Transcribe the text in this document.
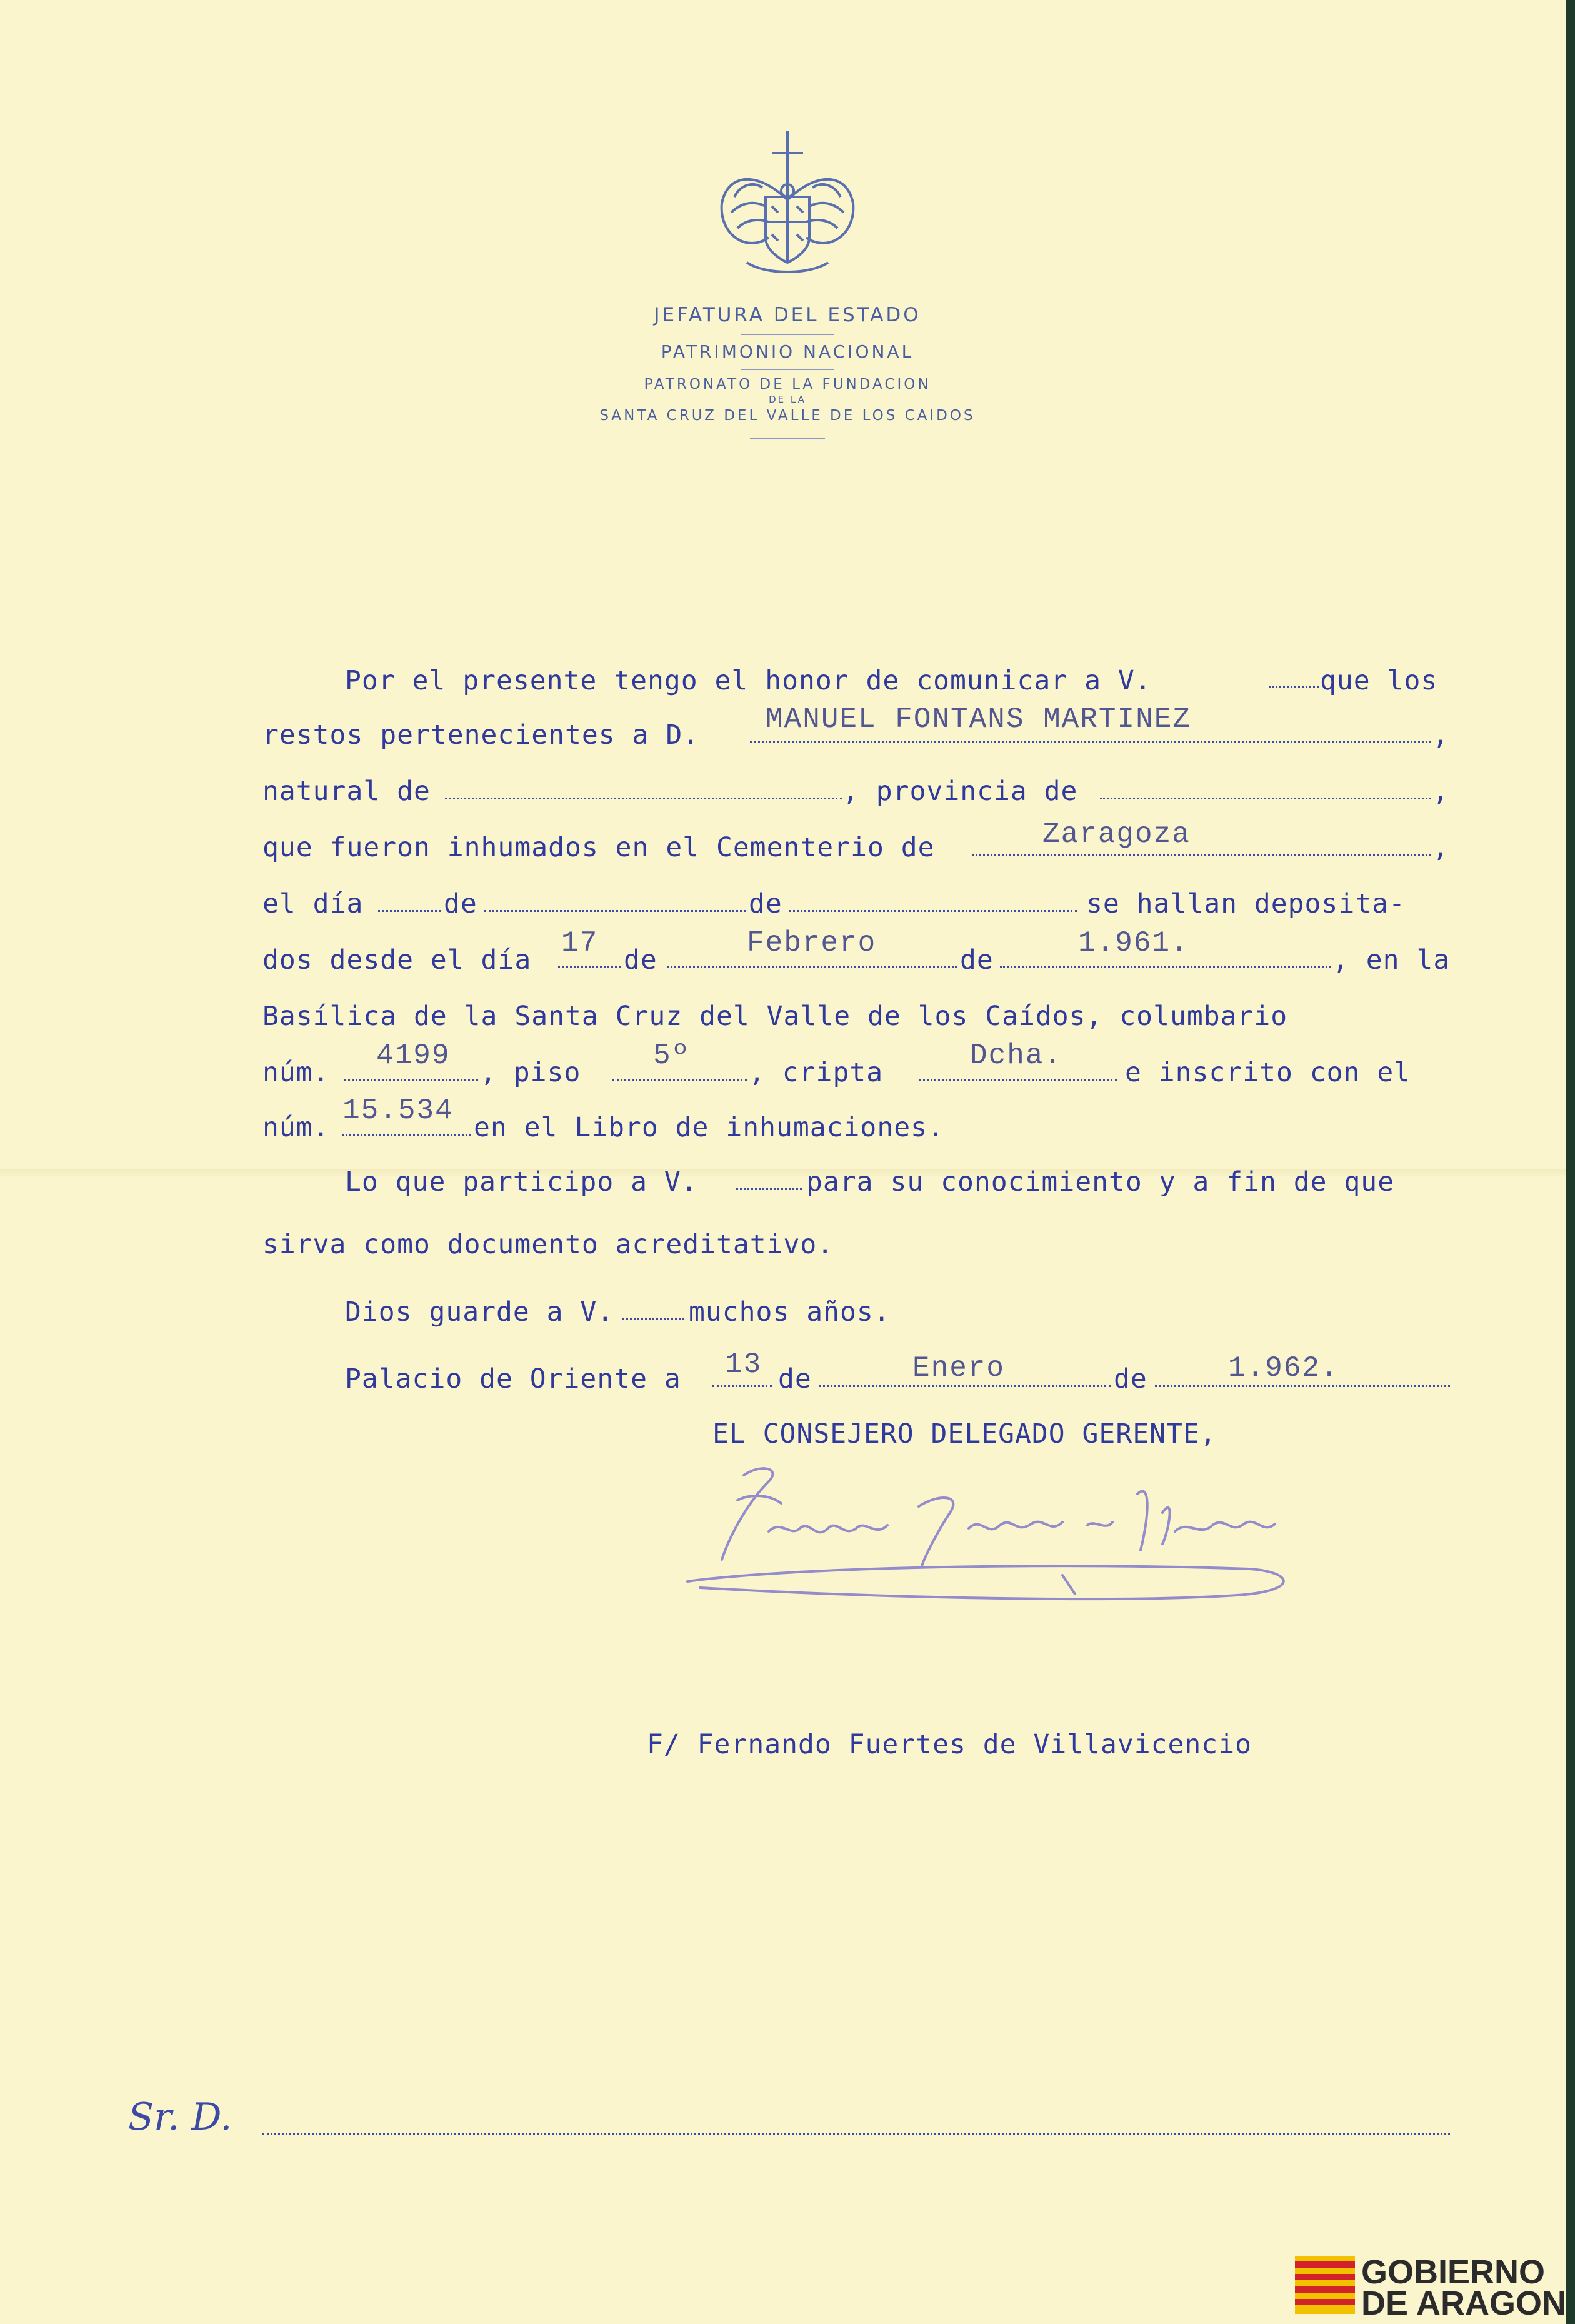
JEFATURA DEL ESTADO
PATRIMONIO NACIONAL
PATRONATO DE LA FUNDACION
DE LA
SANTA CRUZ DEL VALLE DE LOS CAIDOS
Por el presente tengo el honor de comunicar a V.	que los
restos pertenecientes a D. MANUEL FONTANS MARTINEZ	,
natural de	, provincia de	,
que fueron inhumados en el Cementerio de	Zaragoza	,
el día	de	de	se hallan deposita-
dos desde el día
17
de
Febrero
de
1.961.
, en la
Basílica de la Santa Cruz del Valle de los Caídos, columbario
núm.
4199
, piso
5º
, cripta
Dcha.
e inscrito con el
núm.
15.534
en el Libro de inhumaciones.
Lo que participo a V.	para su conocimiento y a fin de que
sirva como documento acreditativo.
Dios guarde a V.	muchos años.
Palacio de Oriente a 13 de	Enero	de	1.962.
EL CONSEJERO DELEGADO GERENTE,
F/ Fernando Fuertes de Villavicencio
Sr. D.
GOBIERNO
DE ARAGON
